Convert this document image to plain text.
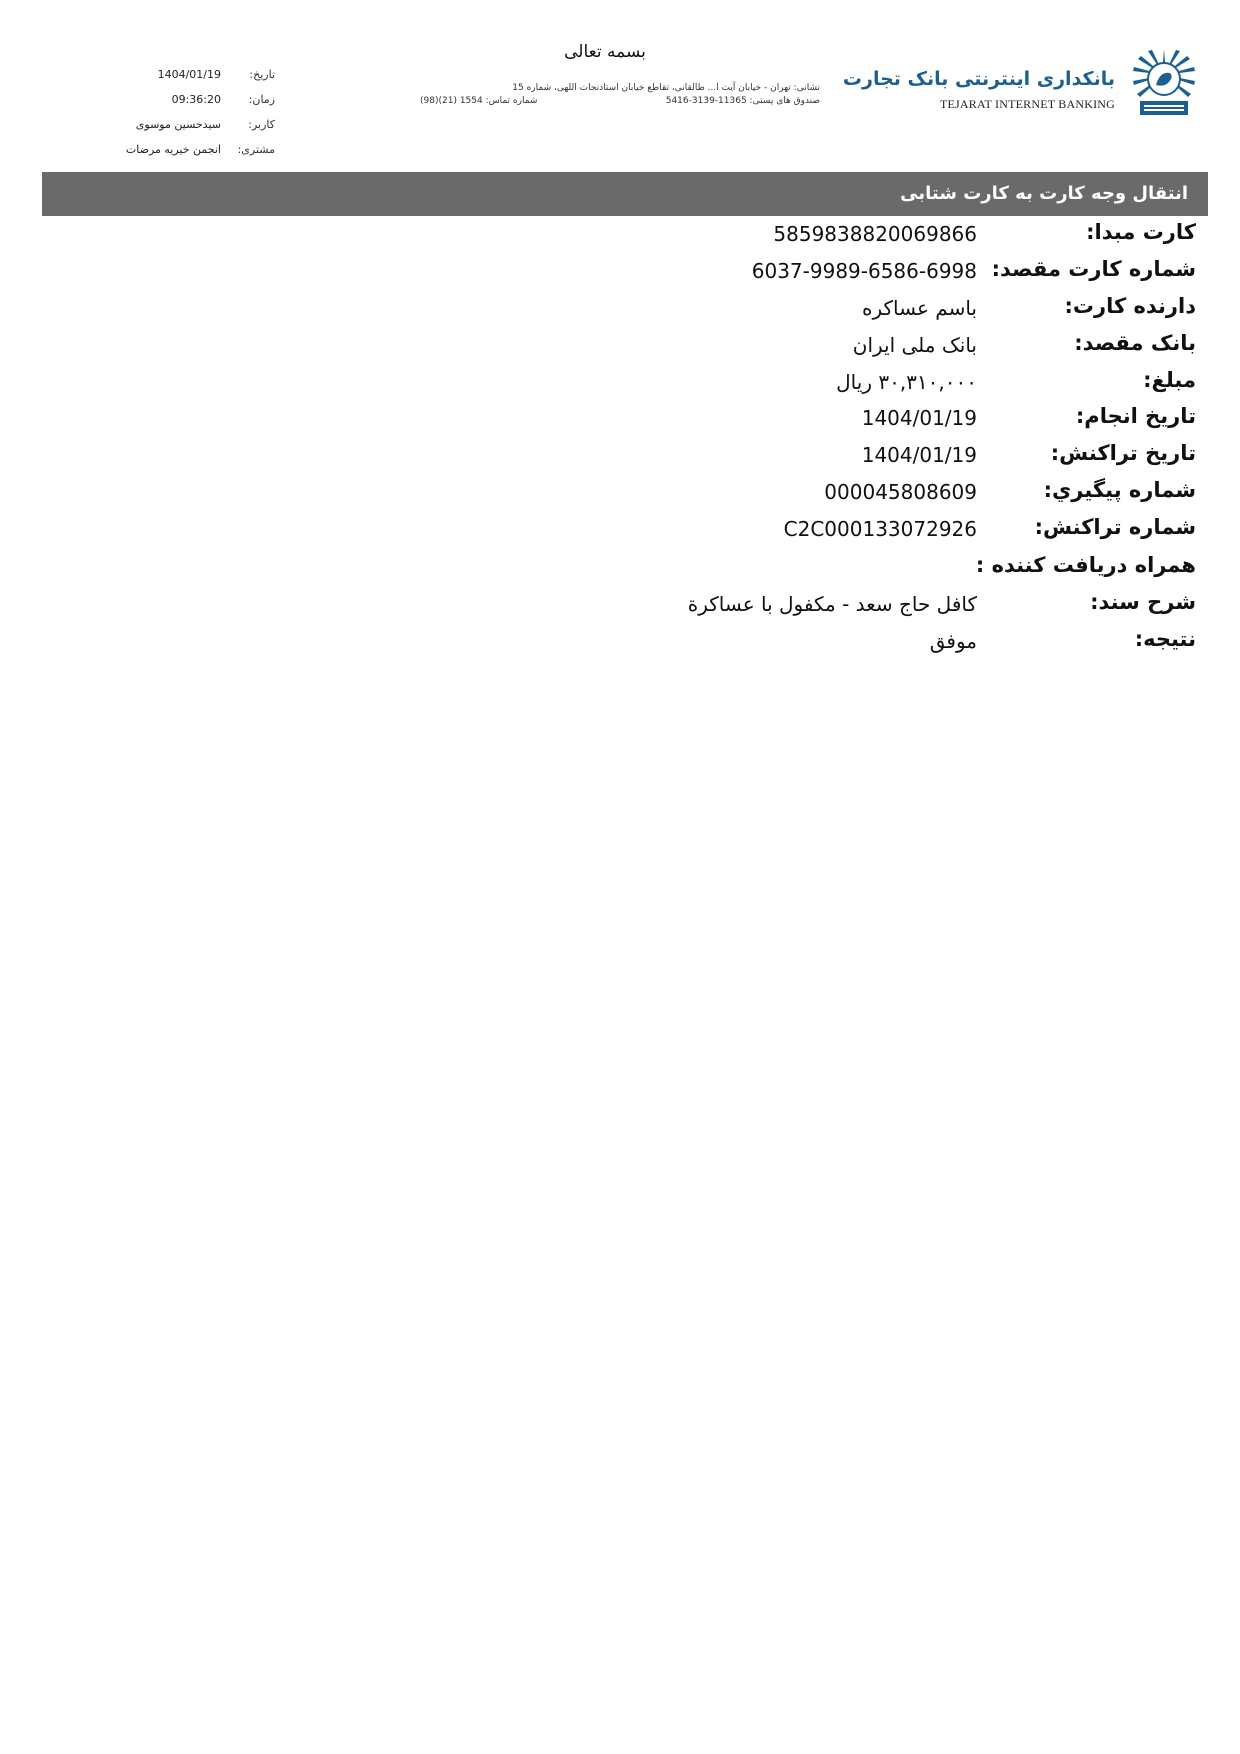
تاریخ:
1404/01/19
زمان:
09:36:20
کاربر:
سیدحسین موسوی
مشتری:
انجمن خیریه مرضات
بسمه تعالی
نشانی: تهران - خیابان آیت ا... طالقانی، تقاطع خیابان استادنجات اللهی، شماره 15
صندوق های پستی: 11365-3139-5416
شماره تماس: 1554 (21)(98)
بانکداری اینترنتی بانک تجارت
TEJARAT INTERNET BANKING
انتقال وجه کارت به کارت شتابی
کارت مبدا:
5859838820069866
شماره کارت مقصد:
6037-9989-6586-6998
دارنده کارت:
باسم عساكره
بانک مقصد:
بانک ملی ایران
مبلغ:
۳۰,۳۱۰,۰۰۰ ریال
تاریخ انجام:
1404/01/19
تاریخ تراکنش:
1404/01/19
شماره پيگيري:
000045808609
شماره تراکنش:
C2C000133072926
همراه دریافت کننده :
شرح سند:
کافل حاج سعد - مکفول با عساکرة
نتیجه:
موفق
